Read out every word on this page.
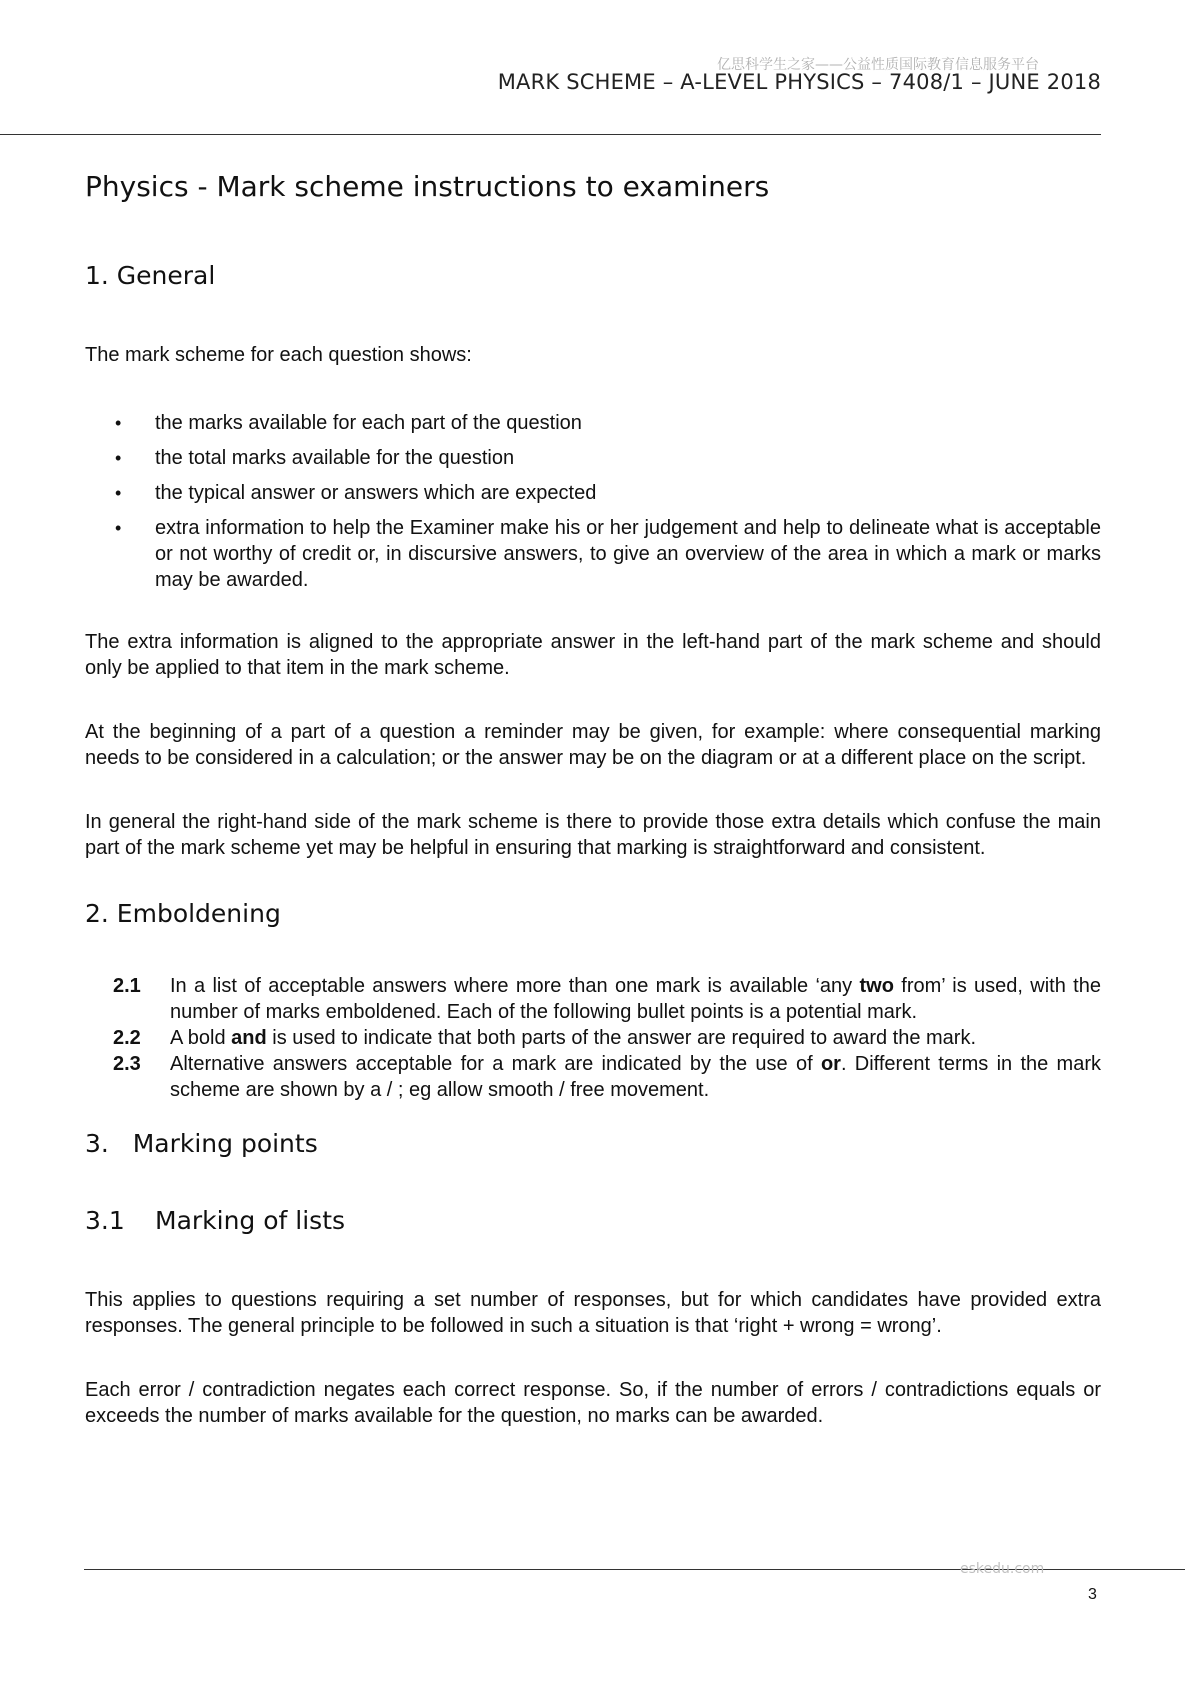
亿思科学生之家——公益性质国际教育信息服务平台
MARK SCHEME – A-LEVEL PHYSICS – 7408/1 – JUNE 2018
Physics - Mark scheme instructions to examiners
1. General

The mark scheme for each question shows:

• the marks available for each part of the question
• the total marks available for the question
• the typical answer or answers which are expected
• extra information to help the Examiner make his or her judgement and help to delineate what is acceptable or not worthy of credit or, in discursive answers, to give an overview of the area in which a mark or marks may be awarded.

The extra information is aligned to the appropriate answer in the left-hand part of the mark scheme and should only be applied to that item in the mark scheme.

At the beginning of a part of a question a reminder may be given, for example: where consequential marking needs to be considered in a calculation; or the answer may be on the diagram or at a different place on the script.

In general the right-hand side of the mark scheme is there to provide those extra details which confuse the main part of the mark scheme yet may be helpful in ensuring that marking is straightforward and consistent.

2. Emboldening
2.1 In a list of acceptable answers where more than one mark is available ‘any two from’ is used, with the number of marks emboldened. Each of the following bullet points is a potential mark.
2.2 A bold and is used to indicate that both parts of the answer are required to award the mark.
2.3 Alternative answers acceptable for a mark are indicated by the use of or. Different terms in the mark scheme are shown by a / ; eg allow smooth / free movement.
3.   Marking points
3.1	Marking of lists

This applies to questions requiring a set number of responses, but for which candidates have provided extra responses. The general principle to be followed in such a situation is that ‘right + wrong = wrong’.

Each error / contradiction negates each correct response. So, if the number of errors / contradictions equals or exceeds the number of marks available for the question, no marks can be awarded.

eskedu.com
3
